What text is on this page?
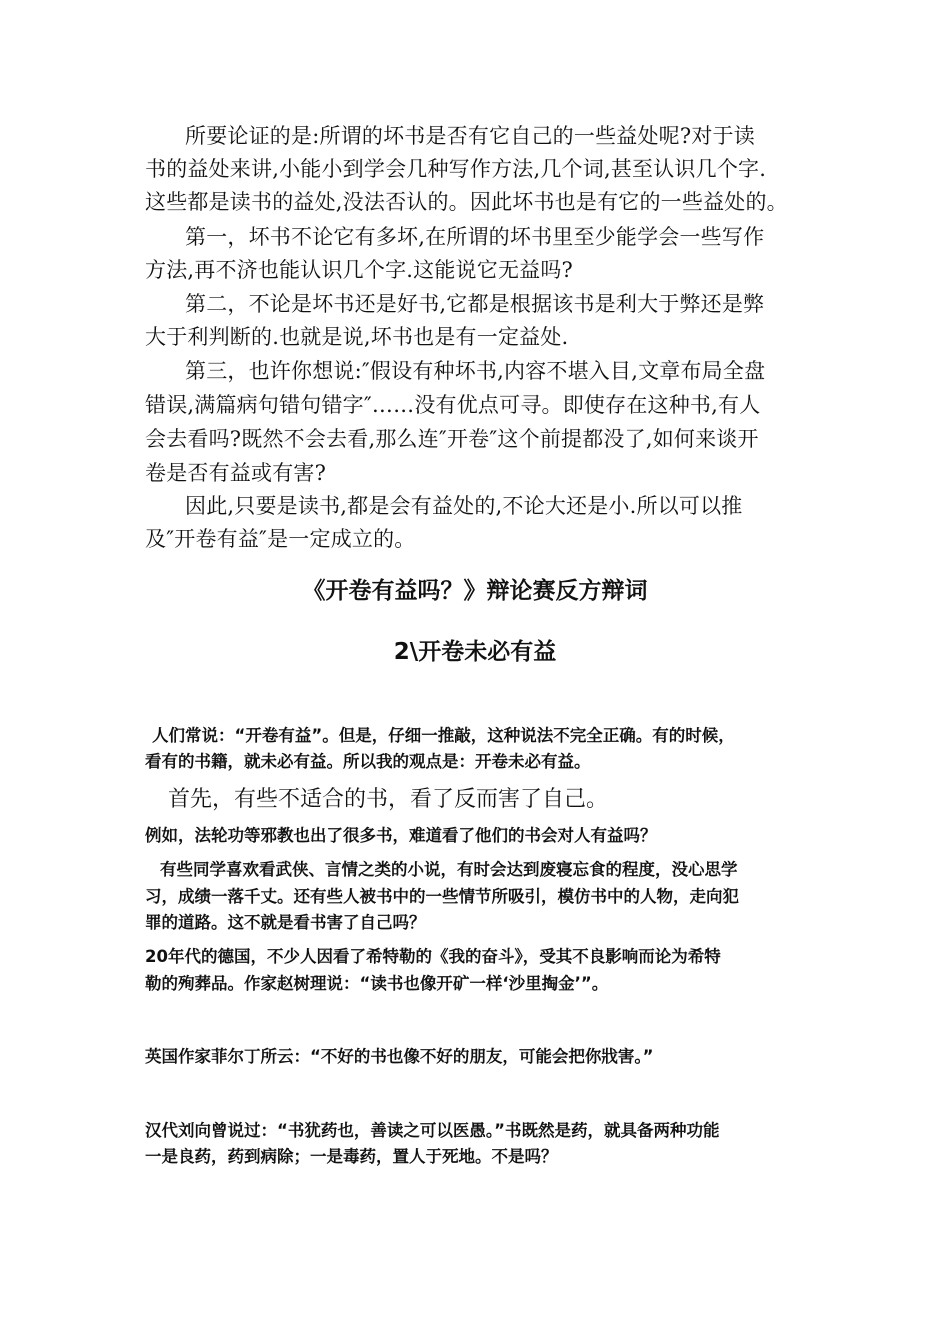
所要论证的是:所谓的坏书是否有它自己的一些益处呢?对于读
书的益处来讲,小能小到学会几种写作方法,几个词,甚至认识几个字.
这些都是读书的益处,没法否认的。因此坏书也是有它的一些益处的。
第一，坏书不论它有多坏,在所谓的坏书里至少能学会一些写作
方法,再不济也能认识几个字.这能说它无益吗?
第二，不论是坏书还是好书,它都是根据该书是利大于弊还是弊
大于利判断的.也就是说,坏书也是有一定益处.
第三，也许你想说:″假设有种坏书,内容不堪入目,文章布局全盘
错误,满篇病句错句错字″……没有优点可寻。即使存在这种书,有人
会去看吗?既然不会去看,那么连″开卷″这个前提都没了,如何来谈开
卷是否有益或有害?
因此,只要是读书,都是会有益处的,不论大还是小.所以可以推
及″开卷有益″是一定成立的。
《开卷有益吗？》辩论赛反方辩词
2\开卷未必有益
人们常说：“开卷有益”。但是，仔细一推敲，这种说法不完全正确。有的时候，
看有的书籍，就未必有益。所以我的观点是：开卷未必有益。
首先，有些不适合的书，看了反而害了自己。
例如，法轮功等邪教也出了很多书，难道看了他们的书会对人有益吗？
有些同学喜欢看武侠、言情之类的小说，有时会达到废寝忘食的程度，没心思学
习，成绩一落千丈。还有些人被书中的一些情节所吸引，模仿书中的人物，走向犯
罪的道路。这不就是看书害了自己吗？
20年代的德国，不少人因看了希特勒的《我的奋斗》，受其不良影响而论为希特
勒的殉葬品。作家赵树理说：“读书也像开矿一样‘沙里掏金’”。
英国作家菲尔丁所云：“不好的书也像不好的朋友，可能会把你戕害。”
汉代刘向曾说过：“书犹药也，善读之可以医愚。”书既然是药，就具备两种功能
一是良药，药到病除；一是毒药，置人于死地。不是吗？
